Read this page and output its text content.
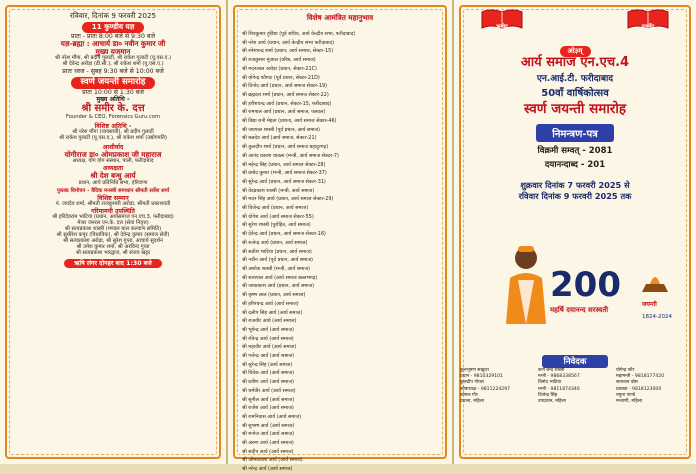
रविवार, दिनांक 9 फरवरी 2025

11 कुण्डीय यज्ञ

प्रातः - प्रातः 8:00 बजे से 9:30 बजे

यज्ञ-ब्रह्मा : आचार्य डा० नवीन कुमार जी

मुख्य यजमान

श्री नरेश मौंगा, श्री प्रदीप गुलाटी, श्री राकेश गुलाटी (यू.एस.ए.)

श्री देवेन्द्र अरोड़ा (डी.सी.), श्री राकेश शर्मा (यू.एस.ए.)

प्रातः ध्वज - सुबह 9:30 बजे से 10:00 बजे

स्वर्ण जयन्ती समारोह

प्रातः 10:00 से 1:30 बजे

मुख्य अतिथि -

श्री समीर के. दत्त

Founder & CEO, Forensics Guru.com

विशिष्ट अतिथि -

श्री नरेश मौंगा (व्यवसायी), श्री प्रदीप गुलाटी

श्री राकेश गुलाटी (यू.एस.ए.), श्री राकेश शर्मा (उद्योगपति)

आशीर्वाद

योगीराज डा० ओमप्रकाश जी महाराज

अध्यक्ष, योग योग संस्थान, पाली, फरीदाबाद

अध्यक्षता

श्री देश बन्धु आर्य

प्रधान, आर्य प्रतिनिधि सभा, हरियाणा

पुस्तक विमोचन - वैदिक मनस्वी समाधान श्रीमती सर्वेश शर्मा

विशिष्ट सम्मान

पं. जयदेव शर्मा, श्रीमती राजकुमारी अरोड़ा, श्रीमती प्रकाशवती

गरिमामयी उपस्थिति

श्री हरिदेवराम भाटिया (प्रधान, आर्यसमाज एन.एच.3, फरीदाबाद)

मेजर जनरल एन.के. दत्त (सेवा निवृत्त)

श्री सत्यप्रकाश शास्त्री (मण्डल बाल कल्याण समिति)

श्री सुधीरेश कपूर (विधायिक), श्री देवेन्द्र कुमार (समाज सेवी)

श्री सत्यप्रकाश अरोड़ा, श्री सुरेश गुप्ता, आचार्य सुदर्शन

श्री उमेश कुमार शर्मा, श्री अरविन्द गुप्ता

श्री सत्यप्रकाश भारद्वाज, श्री संजय खट्टर

ऋषि लंगर दोपहर बाद 1:30 बजे

विशेष आमंत्रित महानुभाव

श्री शिवकुमार हुडिया (पूर्व सचिव, आर्य केन्द्रीय सभा, फरीदाबाद)
श्री नरेश आर्य (प्रधान, आर्य केन्द्रीय सभा फरीदाबाद)
श्री रमेशचन्द्र शर्मा (प्रधान, आर्य समाज, सेक्टर-15)
श्री राजकुमार मुंजाल (वरिष्ठ, आर्य समाज)
श्री मदनलाल अरोड़ा (प्रधान, सेक्टर-21C)
श्री योगेन्द्र फौगाट (पूर्व प्रधान, सेक्टर-21D)
श्री विनोद आर्य (प्रधान, आर्य समाज सेक्टर-19)
श्री ब्रह्मदत्त शर्मा (प्रधान, आर्य समाज सेक्टर-22)
श्री हरीशचन्द्र आर्य (प्रधान, सेक्टर-15, फरीदाबाद)
श्री रामपाल आर्य (प्रधान, आर्य समाज, पलवल)
श्री विद्या रानी मेहता (प्रधाना, आर्य समाज सेक्टर-46)
श्री जयपाल शास्त्री (पूर्व प्रधान, आर्य समाज)
श्री बलदेव आर्य (आर्य समाज, सेक्टर-21)
श्री कुलदीप शर्मा (प्रधान, आर्य समाज बहादुरगढ़)
श्री आनंद प्रकाश चावला (मन्त्री, आर्य समाज सेक्टर-7)
श्री महेन्द्र सिंह (प्रधान, आर्य समाज सेक्टर-28)
श्री प्रमोद कुमार (मन्त्री, आर्य समाज सेक्टर-37)
श्री सुरेन्द्र आर्य (प्रधान, आर्य समाज सेक्टर-31)
श्री वेदप्रकाश शास्त्री (मन्त्री, आर्य समाज)
श्री मदन सिंह आर्य (प्रधान, आर्य समाज सेक्टर-29)
श्री विजेन्द्र आर्य (प्रधान, आर्य समाज)
श्री योगेश आर्य (आर्य समाज सेक्टर-55)
श्री सुरेश शास्त्री (पुरोहित, आर्य समाज)
श्री देवेन्द्र आर्य (प्रधान, आर्य समाज सेक्टर-16)
श्री राजेन्द्र आर्य (प्रधान, आर्य समाज)
श्री सतीश भाटिया (प्रधान, आर्य समाज)
श्री नवीन आर्य (पूर्व प्रधान, आर्य समाज)
श्री अशोक शास्त्री (मन्त्री, आर्य समाज)
श्री सत्यपाल आर्य (आर्य समाज बल्लभगढ़)
श्री जयप्रकाश आर्य (प्रधान, आर्य समाज)
श्री कृष्ण लाल (प्रधान, आर्य समाज)
श्री हरिश्चन्द्र आर्य (आर्य समाज)
श्री दलीप सिंह आर्य (आर्य समाज)
श्री राजवीर आर्य (आर्य समाज)
श्री भूपेन्द्र आर्य (आर्य समाज)
श्री रविन्द्र आर्य (आर्य समाज)
श्री महावीर आर्य (आर्य समाज)
श्री गजेन्द्र आर्य (आर्य समाज)
श्री सुरेन्द्र सिंह (आर्य समाज)
श्री विवेक आर्य (आर्य समाज)
श्री प्रवीण आर्य (आर्य समाज)
श्री धर्मवीर आर्य (आर्य समाज)
श्री सुनील आर्य (आर्य समाज)
श्री राजेश आर्य (आर्य समाज)
श्री रामनिवास आर्य (आर्य समाज)
श्री सुभाष आर्य (आर्य समाज)
श्री मनोज आर्य (आर्य समाज)
श्री अरुण आर्य (आर्य समाज)
श्री संदीप आर्य (आर्य समाज)
श्री ओमप्रकाश आर्य (आर्य समाज)
श्री नरेन्द्र आर्य (आर्य समाज)
ऋग्वेद	यजुर्वेद
ओ३म्

आर्य समाज एन.एच.4

एन.आई.टी. फरीदाबाद

50वाँ वार्षिकोत्सव

स्वर्ण जयन्ती समारोह

निमन्त्रण-पत्र

विक्रमी सम्वत् - 2081

दयानन्दाब्द - 201

शुक्रवार दिनांक 7 फरवरी 2025 से

रविवार दिनांक 9 फरवरी 2025 तक

200
महर्षि दयानन्द सरस्वती
जयन्ती
1824-2024
निवेदक
कुलभूषण सखूजा	कर्ण चन्द शास्त्री	योगेन्द्र फौर
प्रधान - 9810329101	मन्त्री - 9868338567	महामन्त्री - 9818177420
कुलदीप गोयल	विनोद भाटिया	सत्यवान बोस
कोषाध्यक्ष - 9811224297	मन्त्री - 9811874346	प्रवक्ता - 9818123000
कोमल गौर	विजेन्द्र सिंह	यमुना पाण्डे
प्रधाना, महिला	उपप्रधान, महिला	मन्त्राणी, महिला
